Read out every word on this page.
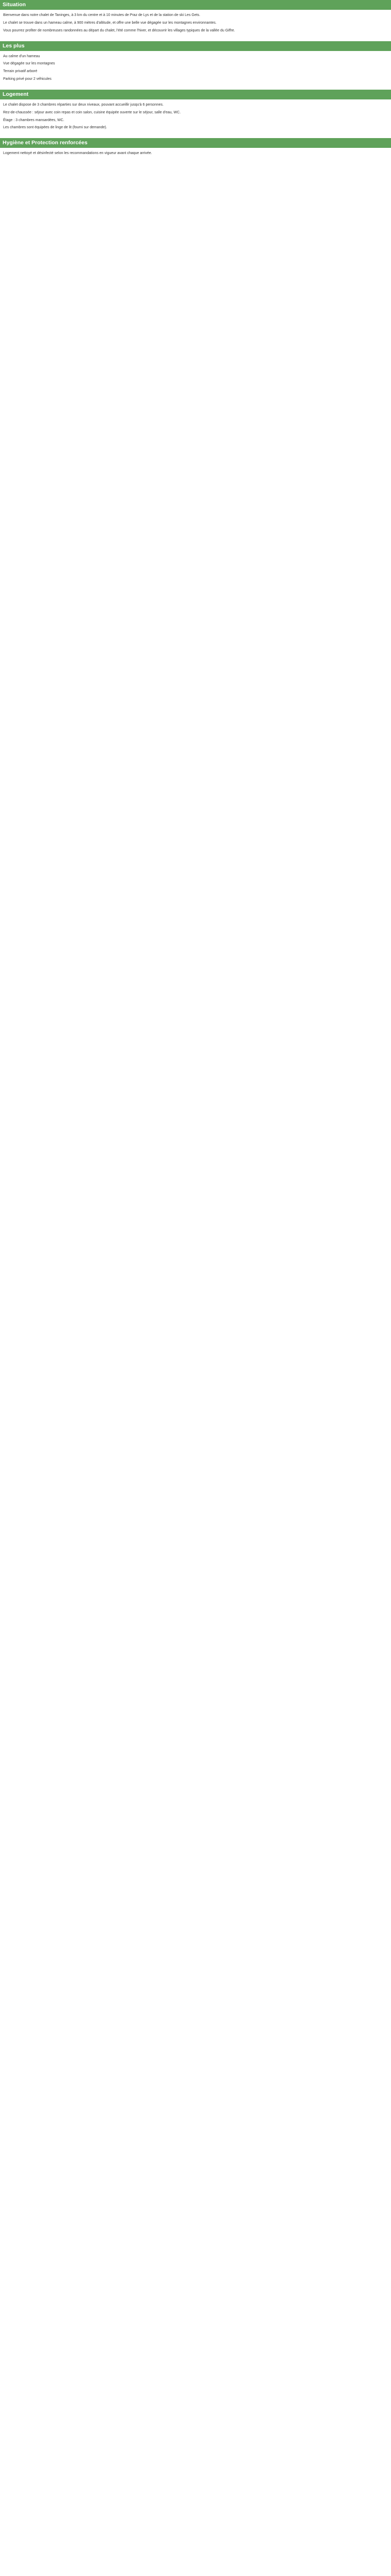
Situation

Bienvenue dans notre chalet de Taninges, à 3 km du centre et à 10 minutes de Praz de Lys et de la station de ski Les Gets.

Le chalet se trouve dans un hameau calme, à 900 mètres d'altitude, et offre une belle vue dégagée sur les montagnes environnantes.

Vous pourrez profiter de nombreuses randonnées au départ du chalet, l'été comme l'hiver, et découvrir les villages typiques de la vallée du Giffre.

Les plus

Au calme d'un hameau

Vue dégagée sur les montagnes

Terrain privatif arboré

Parking privé pour 2 véhicules

Logement

Le chalet dispose de 3 chambres réparties sur deux niveaux, pouvant accueillir jusqu'à 6 personnes.

Rez-de-chaussée : séjour avec coin repas et coin salon, cuisine équipée ouverte sur le séjour, salle d'eau, WC.

Étage : 3 chambres mansardées, WC.

Les chambres sont équipées de linge de lit (fourni sur demande).

Hygiène et Protection renforcées

Logement nettoyé et désinfecté selon les recommandations en vigueur avant chaque arrivée.
